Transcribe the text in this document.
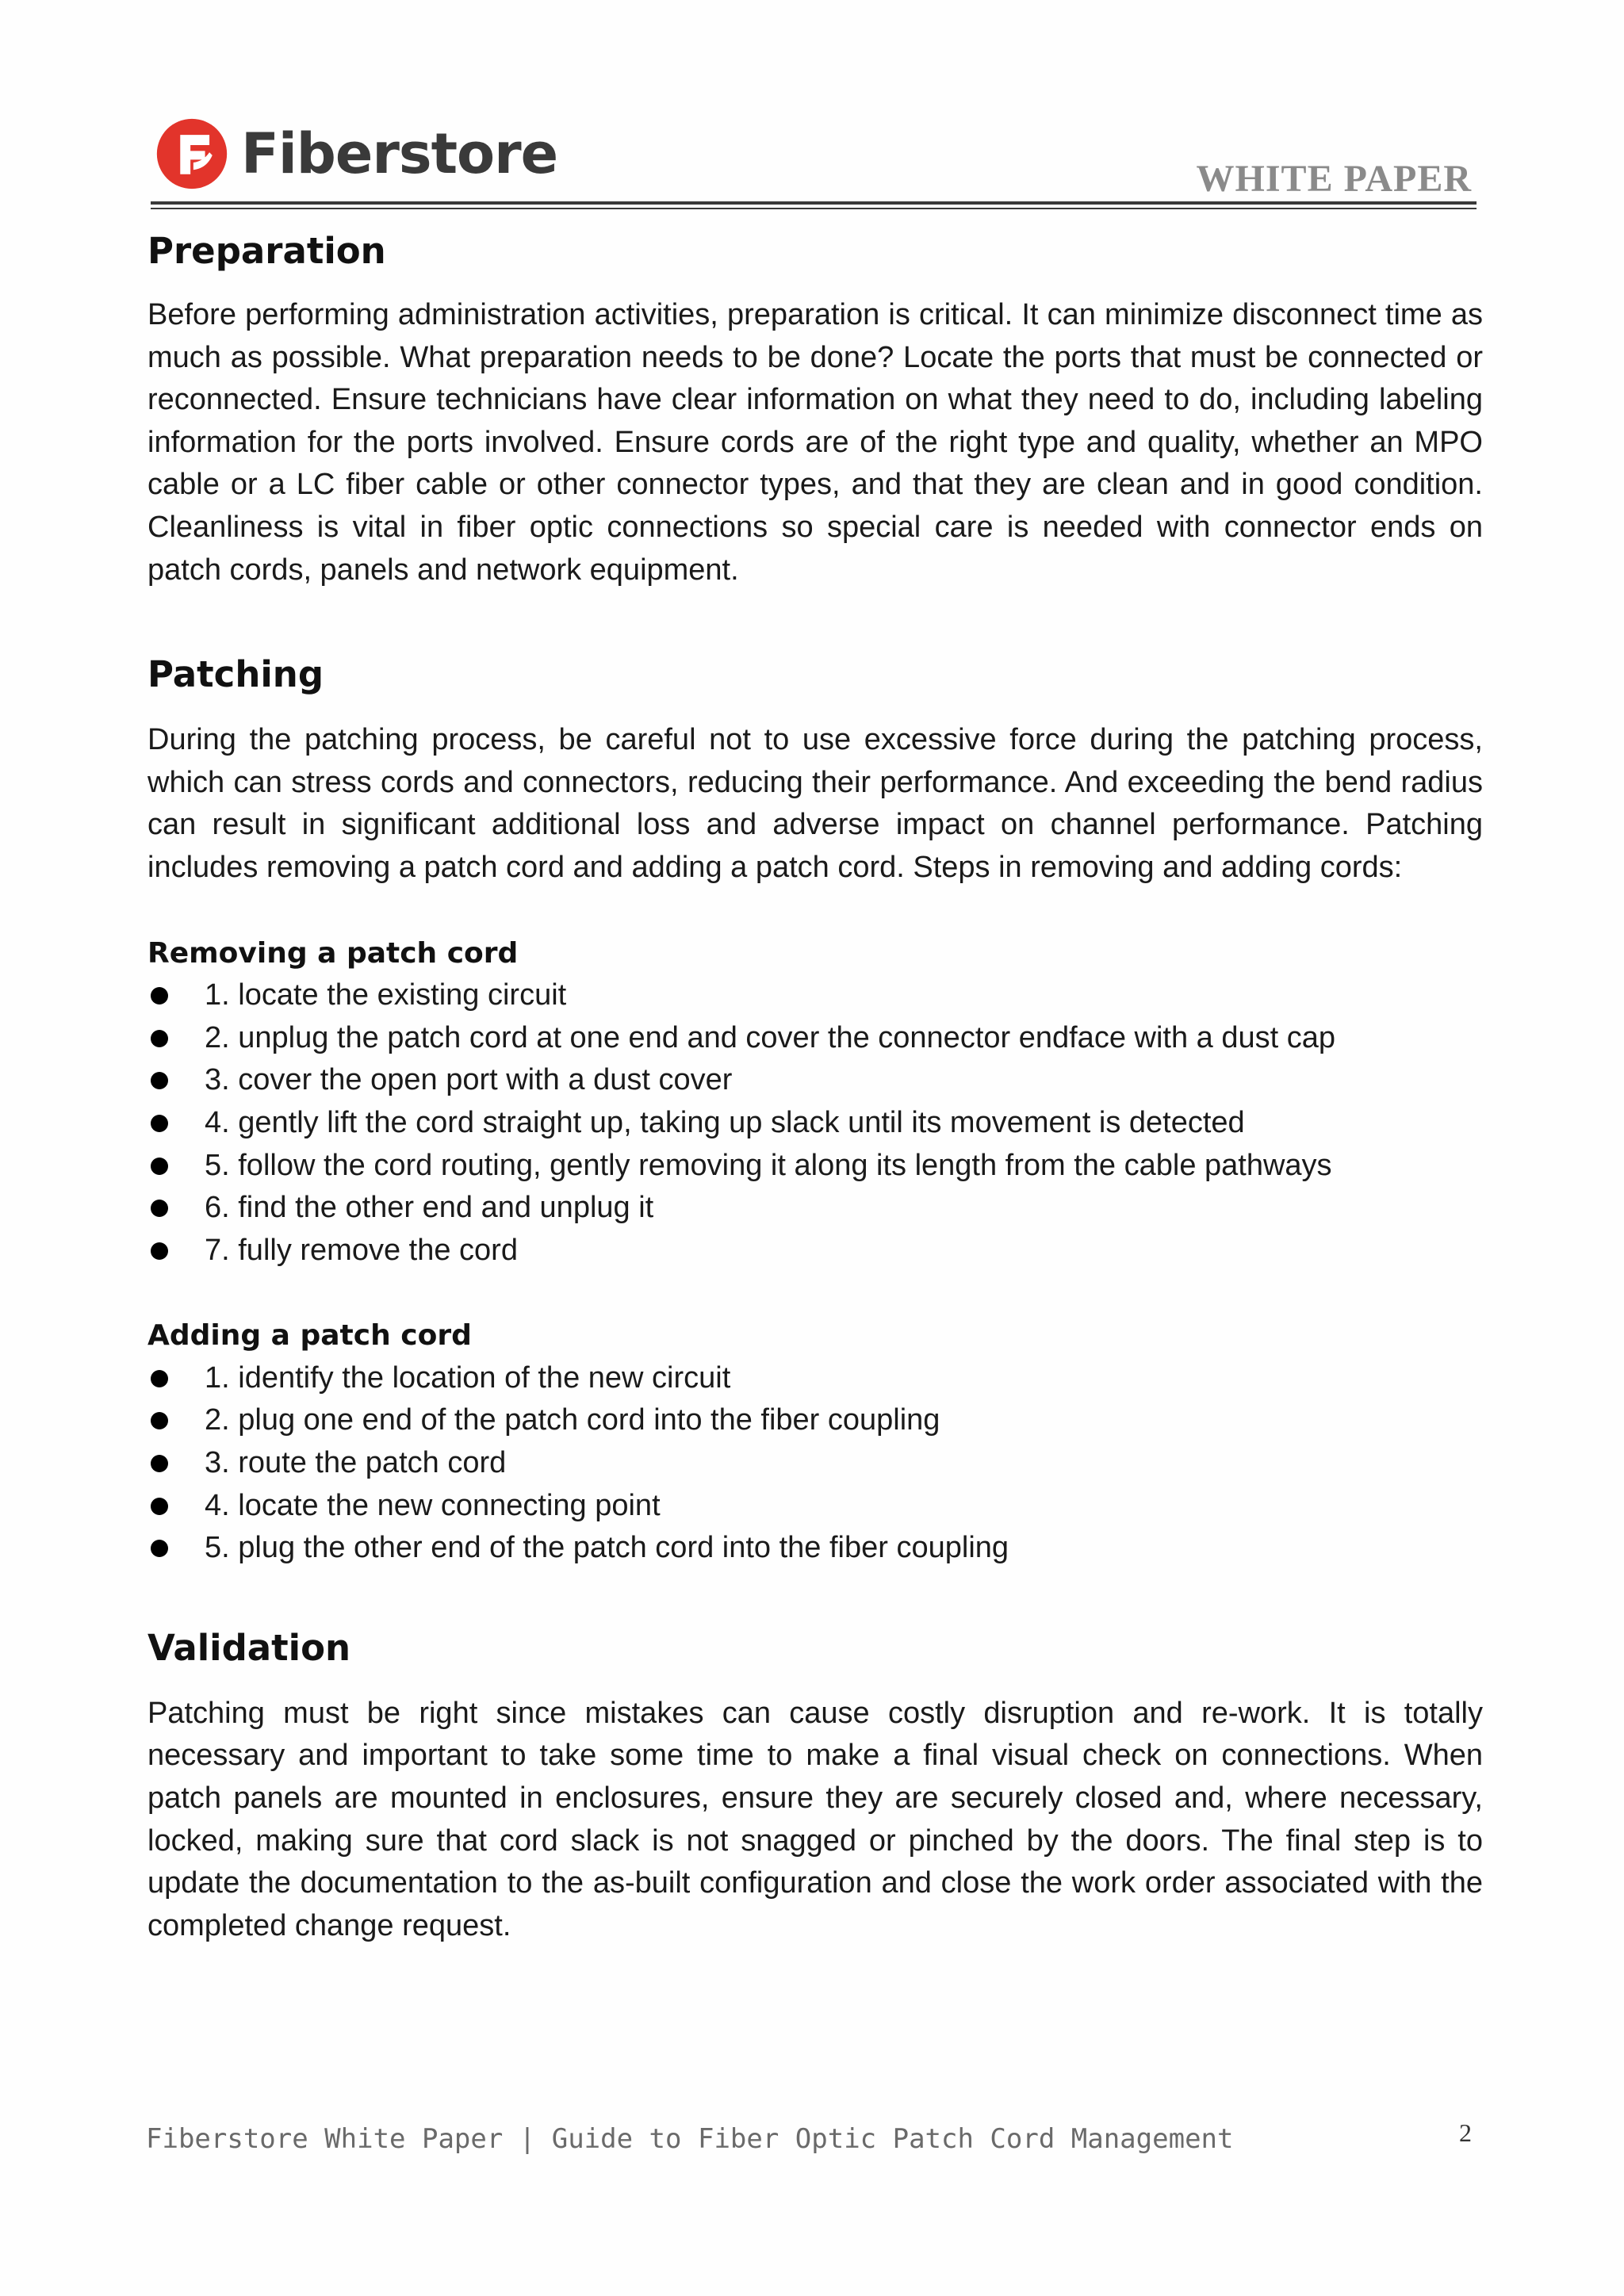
Fiberstore	WHITE PAPER
Preparation

Before performing administration activities, preparation is critical. It can minimize disconnect time as much as possible. What preparation needs to be done? Locate the ports that must be connected or reconnected. Ensure technicians have clear information on what they need to do, including labeling information for the ports involved. Ensure cords are of the right type and quality, whether an MPO cable or a LC fiber cable or other connector types, and that they are clean and in good condition. Cleanliness is vital in fiber optic connections so special care is needed with connector ends on patch cords, panels and network equipment.

Patching

During the patching process, be careful not to use excessive force during the patching process, which can stress cords and connectors, reducing their performance. And exceeding the bend radius can result in significant additional loss and adverse impact on channel performance. Patching includes removing a patch cord and adding a patch cord. Steps in removing and adding cords:

Removing a patch cord
1. locate the existing circuit
2. unplug the patch cord at one end and cover the connector endface with a dust cap
3. cover the open port with a dust cover
4. gently lift the cord straight up, taking up slack until its movement is detected
5. follow the cord routing, gently removing it along its length from the cable pathways
6. find the other end and unplug it
7. fully remove the cord
Adding a patch cord
1. identify the location of the new circuit
2. plug one end of the patch cord into the fiber coupling
3. route the patch cord
4. locate the new connecting point
5. plug the other end of the patch cord into the fiber coupling
Validation

Patching must be right since mistakes can cause costly disruption and re-work. It is totally necessary and important to take some time to make a final visual check on connections. When patch panels are mounted in enclosures, ensure they are securely closed and, where necessary, locked, making sure that cord slack is not snagged or pinched by the doors. The final step is to update the documentation to the as-built configuration and close the work order associated with the completed change request.

Fiberstore White Paper | Guide to Fiber Optic Patch Cord Management	2
